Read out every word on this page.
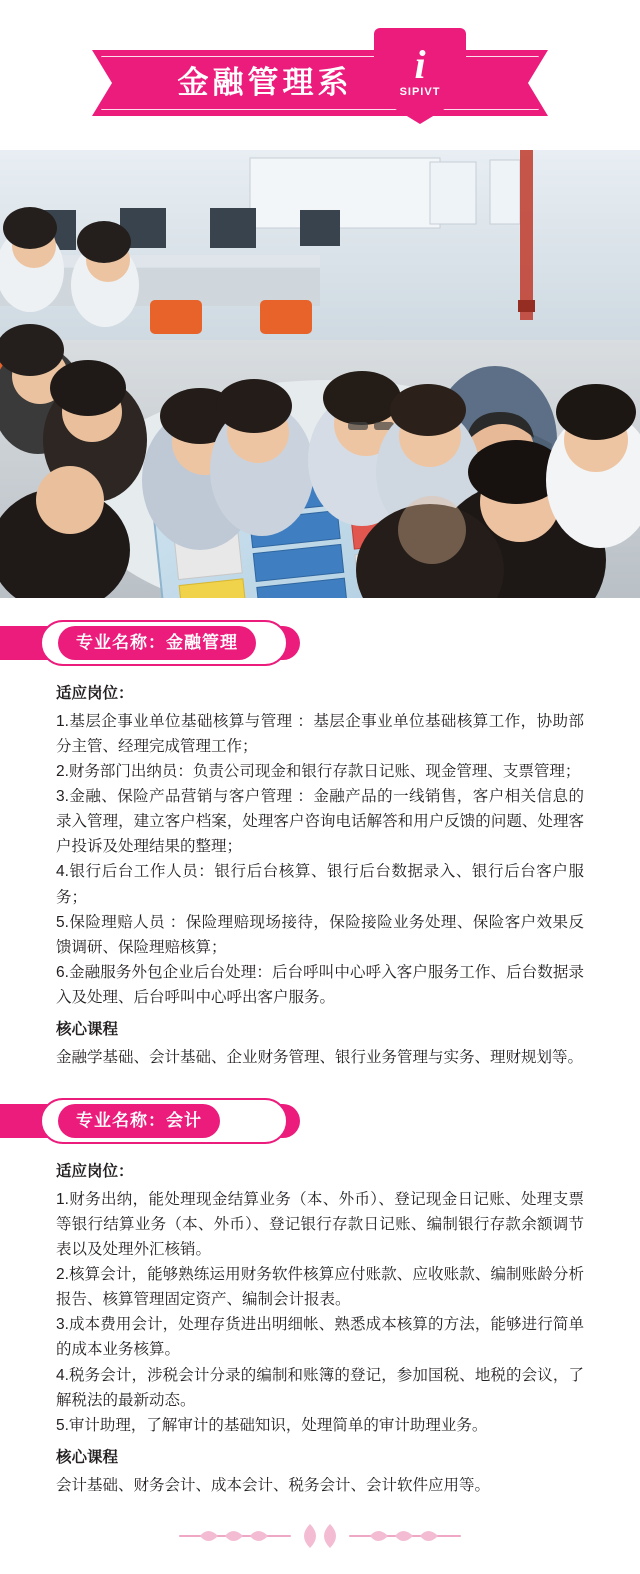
金融管理系	i
SIPIVT
专业名称：金融管理
适应岗位：

1.基层企事业单位基础核算与管理 ：基层企事业单位基础核算工作，协助部分主管、经理完成管理工作；

2.财务部门出纳员：负责公司现金和银行存款日记账、现金管理、支票管理；

3.金融、保险产品营销与客户管理 ：金融产品的一线销售，客户相关信息的录入管理，建立客户档案，处理客户咨询电话解答和用户反馈的问题、处理客户投诉及处理结果的整理；

4.银行后台工作人员：银行后台核算、银行后台数据录入、银行后台客户服务；

5.保险理赔人员 ：保险理赔现场接待，保险接险业务处理、保险客户效果反馈调研、保险理赔核算；

6.金融服务外包企业后台处理：后台呼叫中心呼入客户服务工作、后台数据录入及处理、后台呼叫中心呼出客户服务。

核心课程

金融学基础、会计基础、企业财务管理、银行业务管理与实务、理财规划等。

专业名称：会计
适应岗位：

1.财务出纳，能处理现金结算业务（本、外币）、登记现金日记账、处理支票等银行结算业务（本、外币）、登记银行存款日记账、编制银行存款余额调节表以及处理外汇核销。

2.核算会计，能够熟练运用财务软件核算应付账款、应收账款、编制账龄分析报告、核算管理固定资产、编制会计报表。

3.成本费用会计，处理存货进出明细帐、熟悉成本核算的方法，能够进行简单的成本业务核算。

4.税务会计，涉税会计分录的编制和账簿的登记，参加国税、地税的会议，了解税法的最新动态。

5.审计助理，了解审计的基础知识，处理简单的审计助理业务。

核心课程

会计基础、财务会计、成本会计、税务会计、会计软件应用等。
